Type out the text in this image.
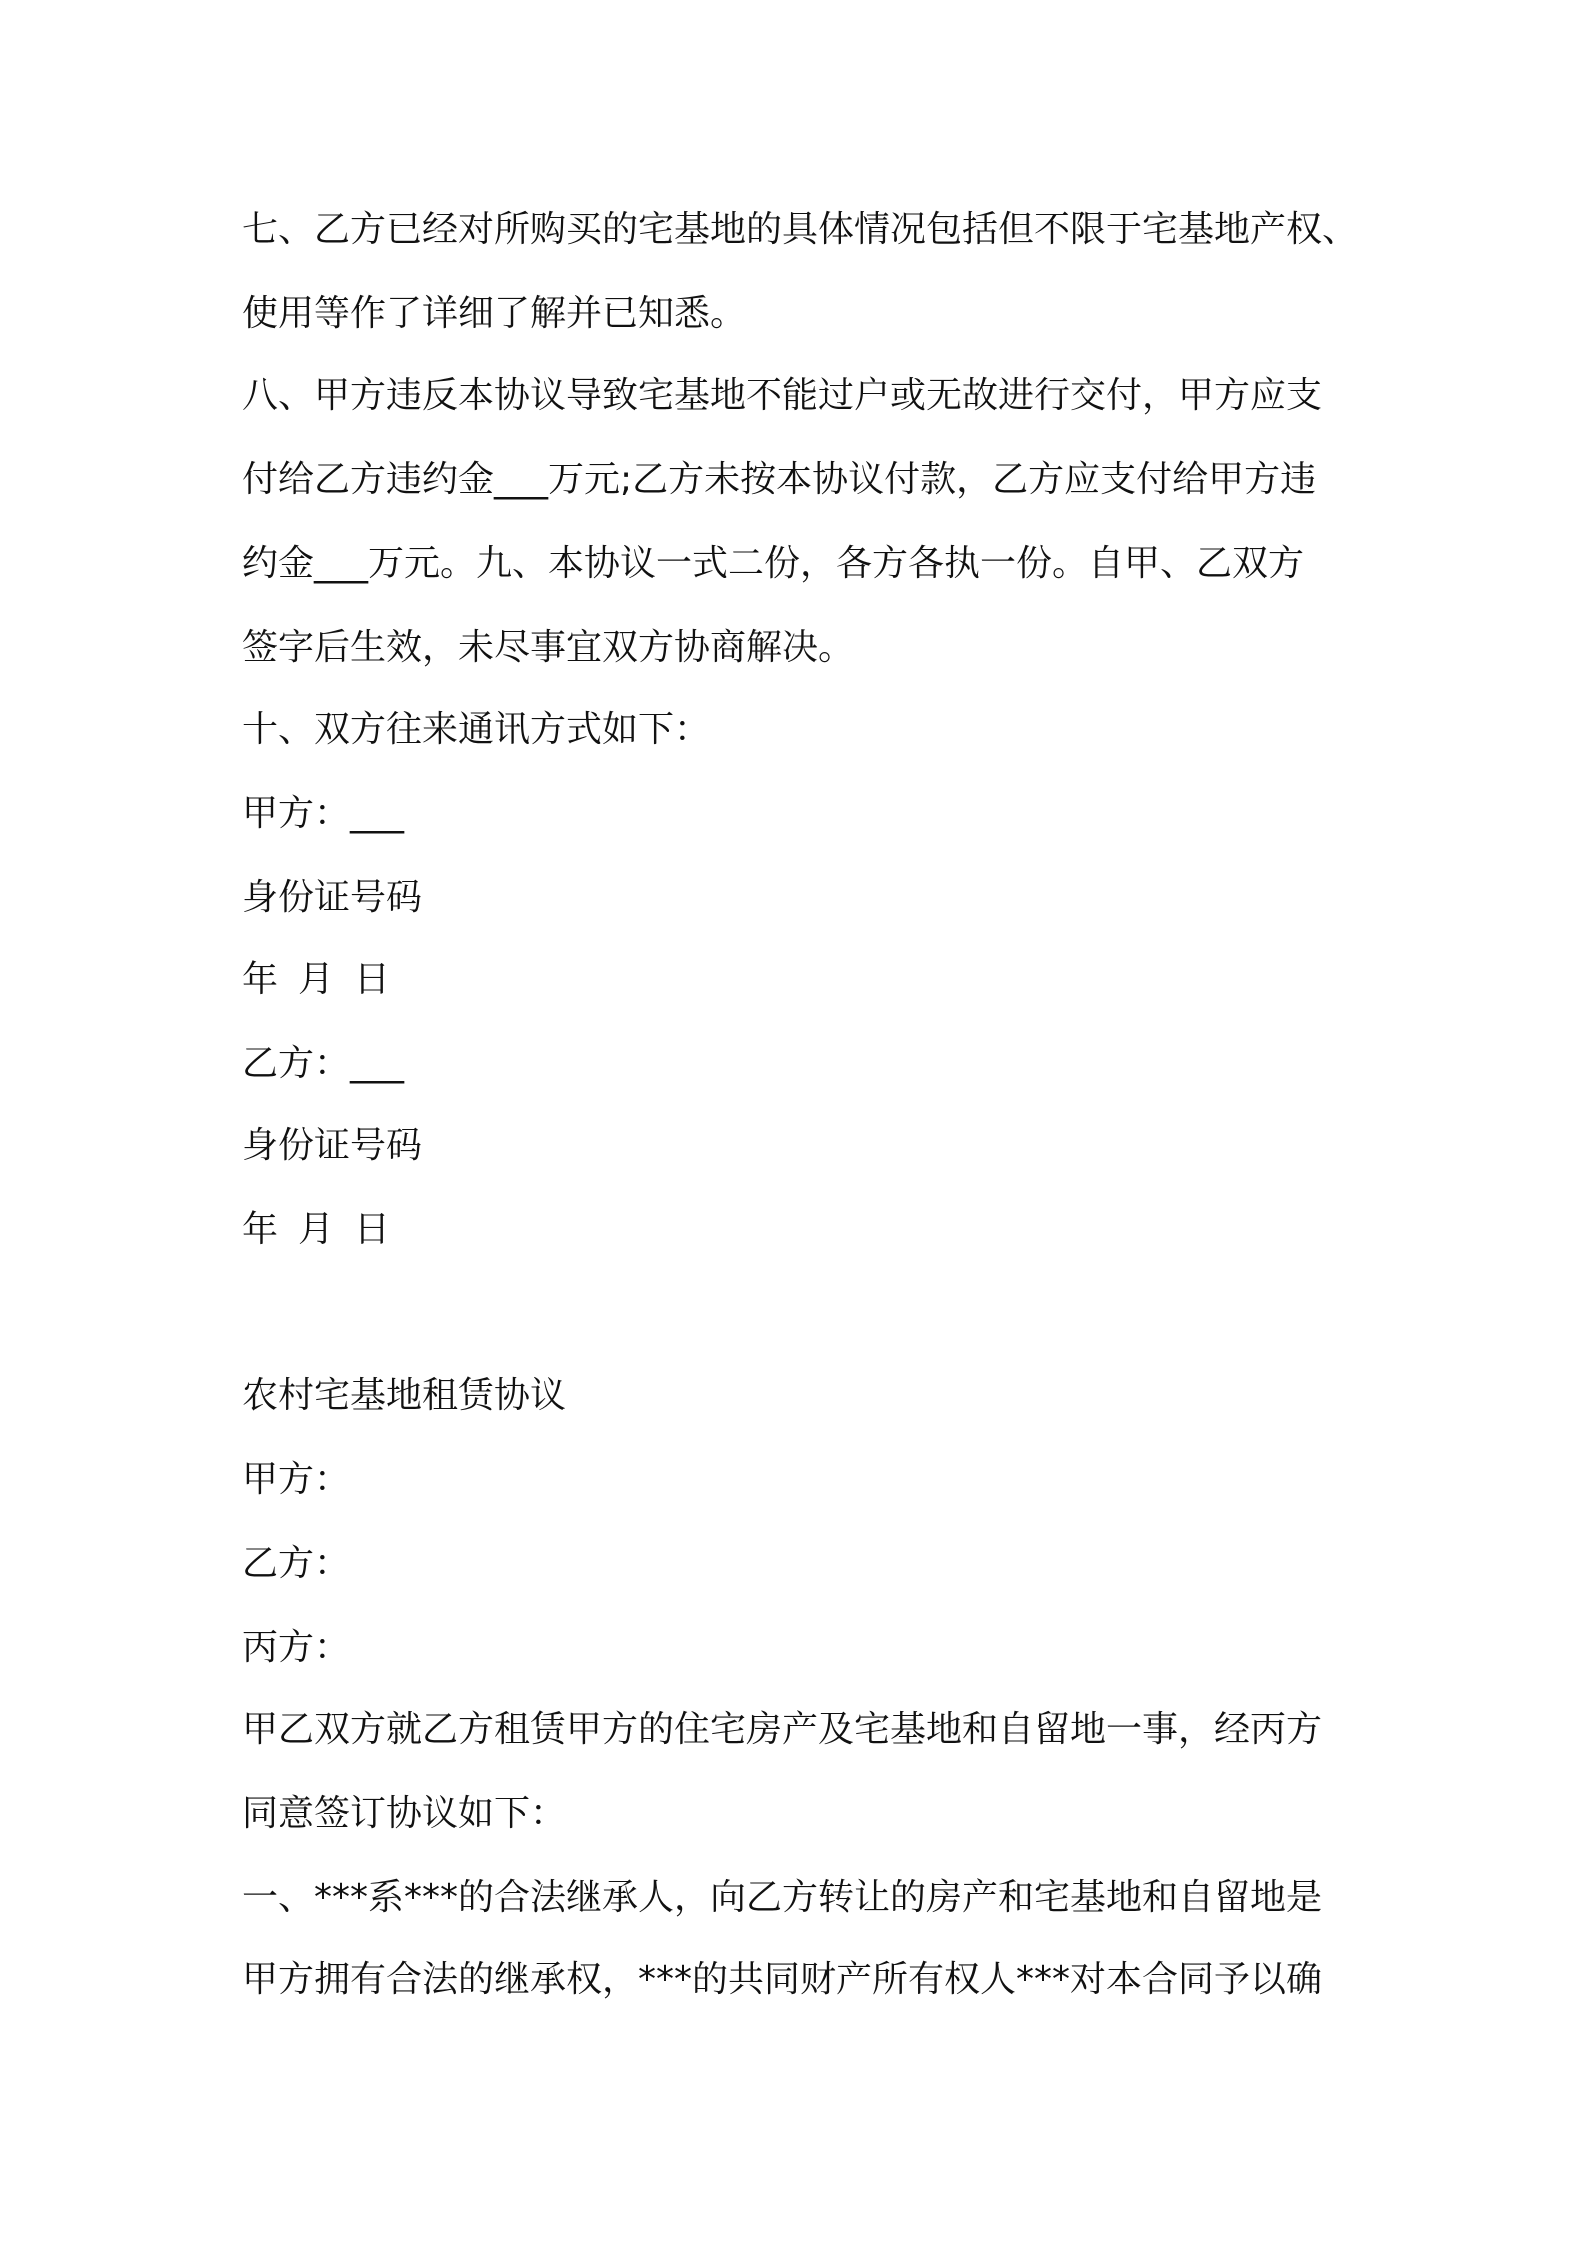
七、乙方已经对所购买的宅基地的具体情况包括但不限于宅基地产权、
使用等作了详细了解并已知悉。
八、甲方违反本协议导致宅基地不能过户或无故进行交付，甲方应支
付给乙方违约金___万元;乙方未按本协议付款，乙方应支付给甲方违
约金___万元。九、本协议一式二份，各方各执一份。自甲、乙双方
签字后生效，未尽事宜双方协商解决。
十、双方往来通讯方式如下：
甲方：___
身份证号码
年 月 日
乙方：___
身份证号码
年 月 日
农村宅基地租赁协议
甲方：
乙方：
丙方：
甲乙双方就乙方租赁甲方的住宅房产及宅基地和自留地一事，经丙方
同意签订协议如下：
一、***系***的合法继承人，向乙方转让的房产和宅基地和自留地是
甲方拥有合法的继承权，***的共同财产所有权人***对本合同予以确
